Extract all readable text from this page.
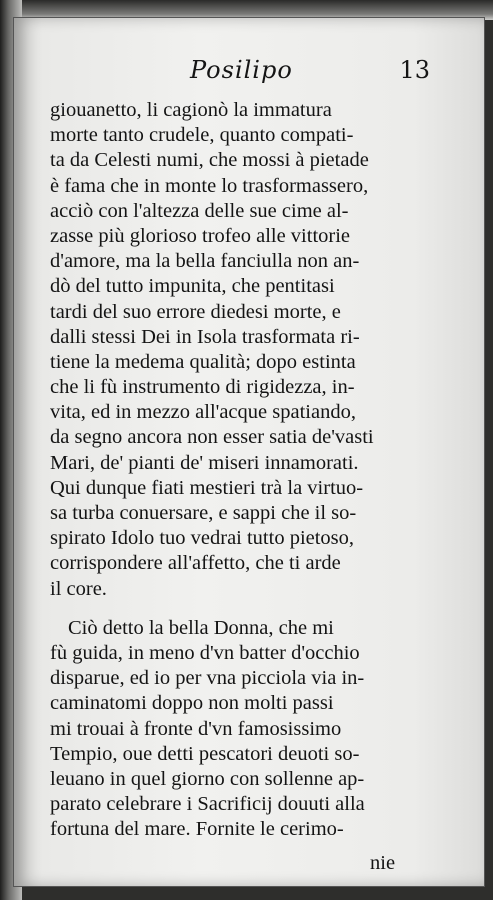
Posilipo	13
giouanetto, li cagionò la immatura
morte tanto crudele, quanto compati-
ta da Celesti numi, che mossi à pietade
è fama che in monte lo trasformassero,
acciò con l'altezza delle sue cime al-
zasse più glorioso trofeo alle vittorie
d'amore, ma la bella fanciulla non an-
dò del tutto impunita, che pentitasi
tardi del suo errore diedesi morte, e
dalli stessi Dei in Isola trasformata ri-
tiene la medema qualità; dopo estinta
che li fù instrumento di rigidezza, in-
vita, ed in mezzo all'acque spatiando,
da segno ancora non esser satia de'vasti
Mari, de' pianti de' miseri innamorati.
Qui dunque fiati mestieri trà la virtuo-
sa turba conuersare, e sappi che il so-
spirato Idolo tuo vedrai tutto pietoso,
corrispondere all'affetto, che ti arde
il core.
Ciò detto la bella Donna, che mi
fù guida, in meno d'vn batter d'occhio
disparue, ed io per vna picciola via in-
caminatomi doppo non molti passi
mi trouai à fronte d'vn famosissimo
Tempio, oue detti pescatori deuoti so-
leuano in quel giorno con sollenne ap-
parato celebrare i Sacrificij douuti alla
fortuna del mare. Fornite le cerimo-
nie
